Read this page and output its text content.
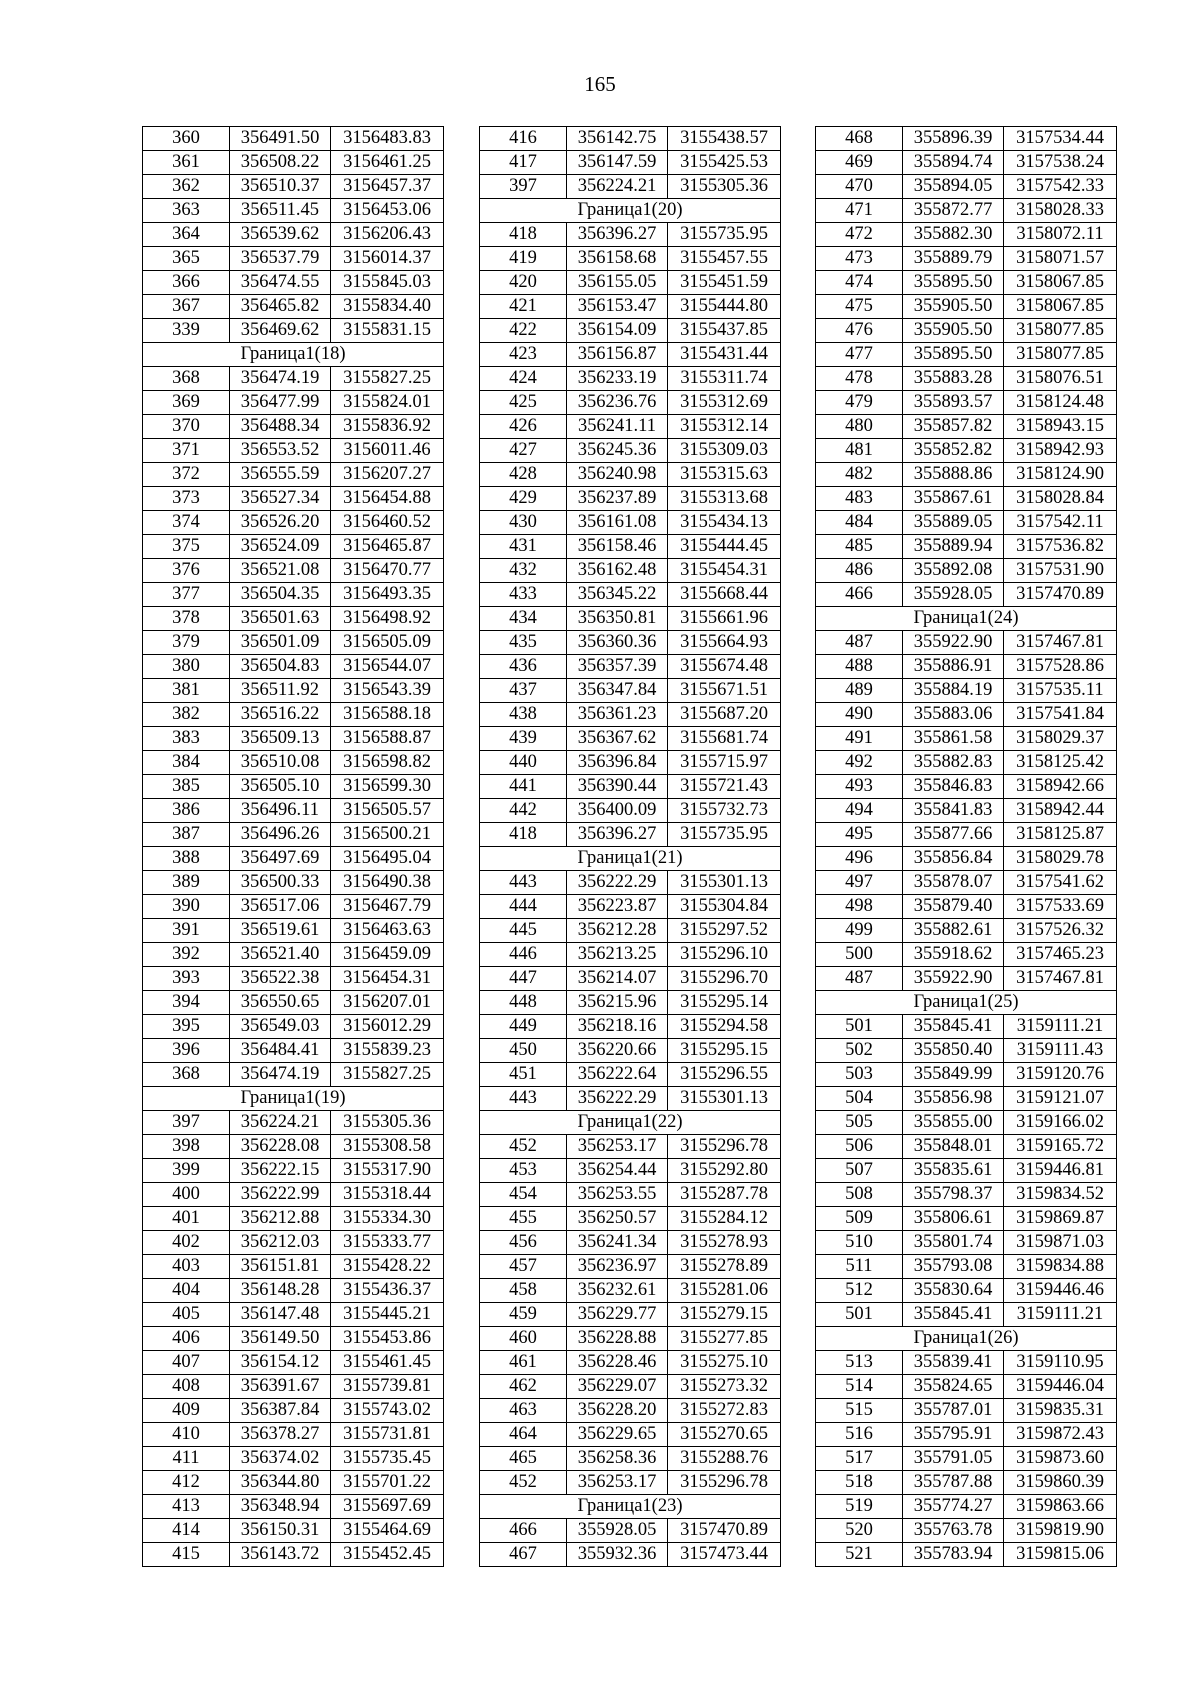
165
360	356491.50	3156483.83
361	356508.22	3156461.25
362	356510.37	3156457.37
363	356511.45	3156453.06
364	356539.62	3156206.43
365	356537.79	3156014.37
366	356474.55	3155845.03
367	356465.82	3155834.40
339	356469.62	3155831.15
Граница1(18)		
368	356474.19	3155827.25
369	356477.99	3155824.01
370	356488.34	3155836.92
371	356553.52	3156011.46
372	356555.59	3156207.27
373	356527.34	3156454.88
374	356526.20	3156460.52
375	356524.09	3156465.87
376	356521.08	3156470.77
377	356504.35	3156493.35
378	356501.63	3156498.92
379	356501.09	3156505.09
380	356504.83	3156544.07
381	356511.92	3156543.39
382	356516.22	3156588.18
383	356509.13	3156588.87
384	356510.08	3156598.82
385	356505.10	3156599.30
386	356496.11	3156505.57
387	356496.26	3156500.21
388	356497.69	3156495.04
389	356500.33	3156490.38
390	356517.06	3156467.79
391	356519.61	3156463.63
392	356521.40	3156459.09
393	356522.38	3156454.31
394	356550.65	3156207.01
395	356549.03	3156012.29
396	356484.41	3155839.23
368	356474.19	3155827.25
Граница1(19)		
397	356224.21	3155305.36
398	356228.08	3155308.58
399	356222.15	3155317.90
400	356222.99	3155318.44
401	356212.88	3155334.30
402	356212.03	3155333.77
403	356151.81	3155428.22
404	356148.28	3155436.37
405	356147.48	3155445.21
406	356149.50	3155453.86
407	356154.12	3155461.45
408	356391.67	3155739.81
409	356387.84	3155743.02
410	356378.27	3155731.81
411	356374.02	3155735.45
412	356344.80	3155701.22
413	356348.94	3155697.69
414	356150.31	3155464.69
415	356143.72	3155452.45
416	356142.75	3155438.57
417	356147.59	3155425.53
397	356224.21	3155305.36
Граница1(20)		
418	356396.27	3155735.95
419	356158.68	3155457.55
420	356155.05	3155451.59
421	356153.47	3155444.80
422	356154.09	3155437.85
423	356156.87	3155431.44
424	356233.19	3155311.74
425	356236.76	3155312.69
426	356241.11	3155312.14
427	356245.36	3155309.03
428	356240.98	3155315.63
429	356237.89	3155313.68
430	356161.08	3155434.13
431	356158.46	3155444.45
432	356162.48	3155454.31
433	356345.22	3155668.44
434	356350.81	3155661.96
435	356360.36	3155664.93
436	356357.39	3155674.48
437	356347.84	3155671.51
438	356361.23	3155687.20
439	356367.62	3155681.74
440	356396.84	3155715.97
441	356390.44	3155721.43
442	356400.09	3155732.73
418	356396.27	3155735.95
Граница1(21)		
443	356222.29	3155301.13
444	356223.87	3155304.84
445	356212.28	3155297.52
446	356213.25	3155296.10
447	356214.07	3155296.70
448	356215.96	3155295.14
449	356218.16	3155294.58
450	356220.66	3155295.15
451	356222.64	3155296.55
443	356222.29	3155301.13
Граница1(22)		
452	356253.17	3155296.78
453	356254.44	3155292.80
454	356253.55	3155287.78
455	356250.57	3155284.12
456	356241.34	3155278.93
457	356236.97	3155278.89
458	356232.61	3155281.06
459	356229.77	3155279.15
460	356228.88	3155277.85
461	356228.46	3155275.10
462	356229.07	3155273.32
463	356228.20	3155272.83
464	356229.65	3155270.65
465	356258.36	3155288.76
452	356253.17	3155296.78
Граница1(23)		
466	355928.05	3157470.89
467	355932.36	3157473.44
468	355896.39	3157534.44
469	355894.74	3157538.24
470	355894.05	3157542.33
471	355872.77	3158028.33
472	355882.30	3158072.11
473	355889.79	3158071.57
474	355895.50	3158067.85
475	355905.50	3158067.85
476	355905.50	3158077.85
477	355895.50	3158077.85
478	355883.28	3158076.51
479	355893.57	3158124.48
480	355857.82	3158943.15
481	355852.82	3158942.93
482	355888.86	3158124.90
483	355867.61	3158028.84
484	355889.05	3157542.11
485	355889.94	3157536.82
486	355892.08	3157531.90
466	355928.05	3157470.89
Граница1(24)		
487	355922.90	3157467.81
488	355886.91	3157528.86
489	355884.19	3157535.11
490	355883.06	3157541.84
491	355861.58	3158029.37
492	355882.83	3158125.42
493	355846.83	3158942.66
494	355841.83	3158942.44
495	355877.66	3158125.87
496	355856.84	3158029.78
497	355878.07	3157541.62
498	355879.40	3157533.69
499	355882.61	3157526.32
500	355918.62	3157465.23
487	355922.90	3157467.81
Граница1(25)		
501	355845.41	3159111.21
502	355850.40	3159111.43
503	355849.99	3159120.76
504	355856.98	3159121.07
505	355855.00	3159166.02
506	355848.01	3159165.72
507	355835.61	3159446.81
508	355798.37	3159834.52
509	355806.61	3159869.87
510	355801.74	3159871.03
511	355793.08	3159834.88
512	355830.64	3159446.46
501	355845.41	3159111.21
Граница1(26)		
513	355839.41	3159110.95
514	355824.65	3159446.04
515	355787.01	3159835.31
516	355795.91	3159872.43
517	355791.05	3159873.60
518	355787.88	3159860.39
519	355774.27	3159863.66
520	355763.78	3159819.90
521	355783.94	3159815.06
